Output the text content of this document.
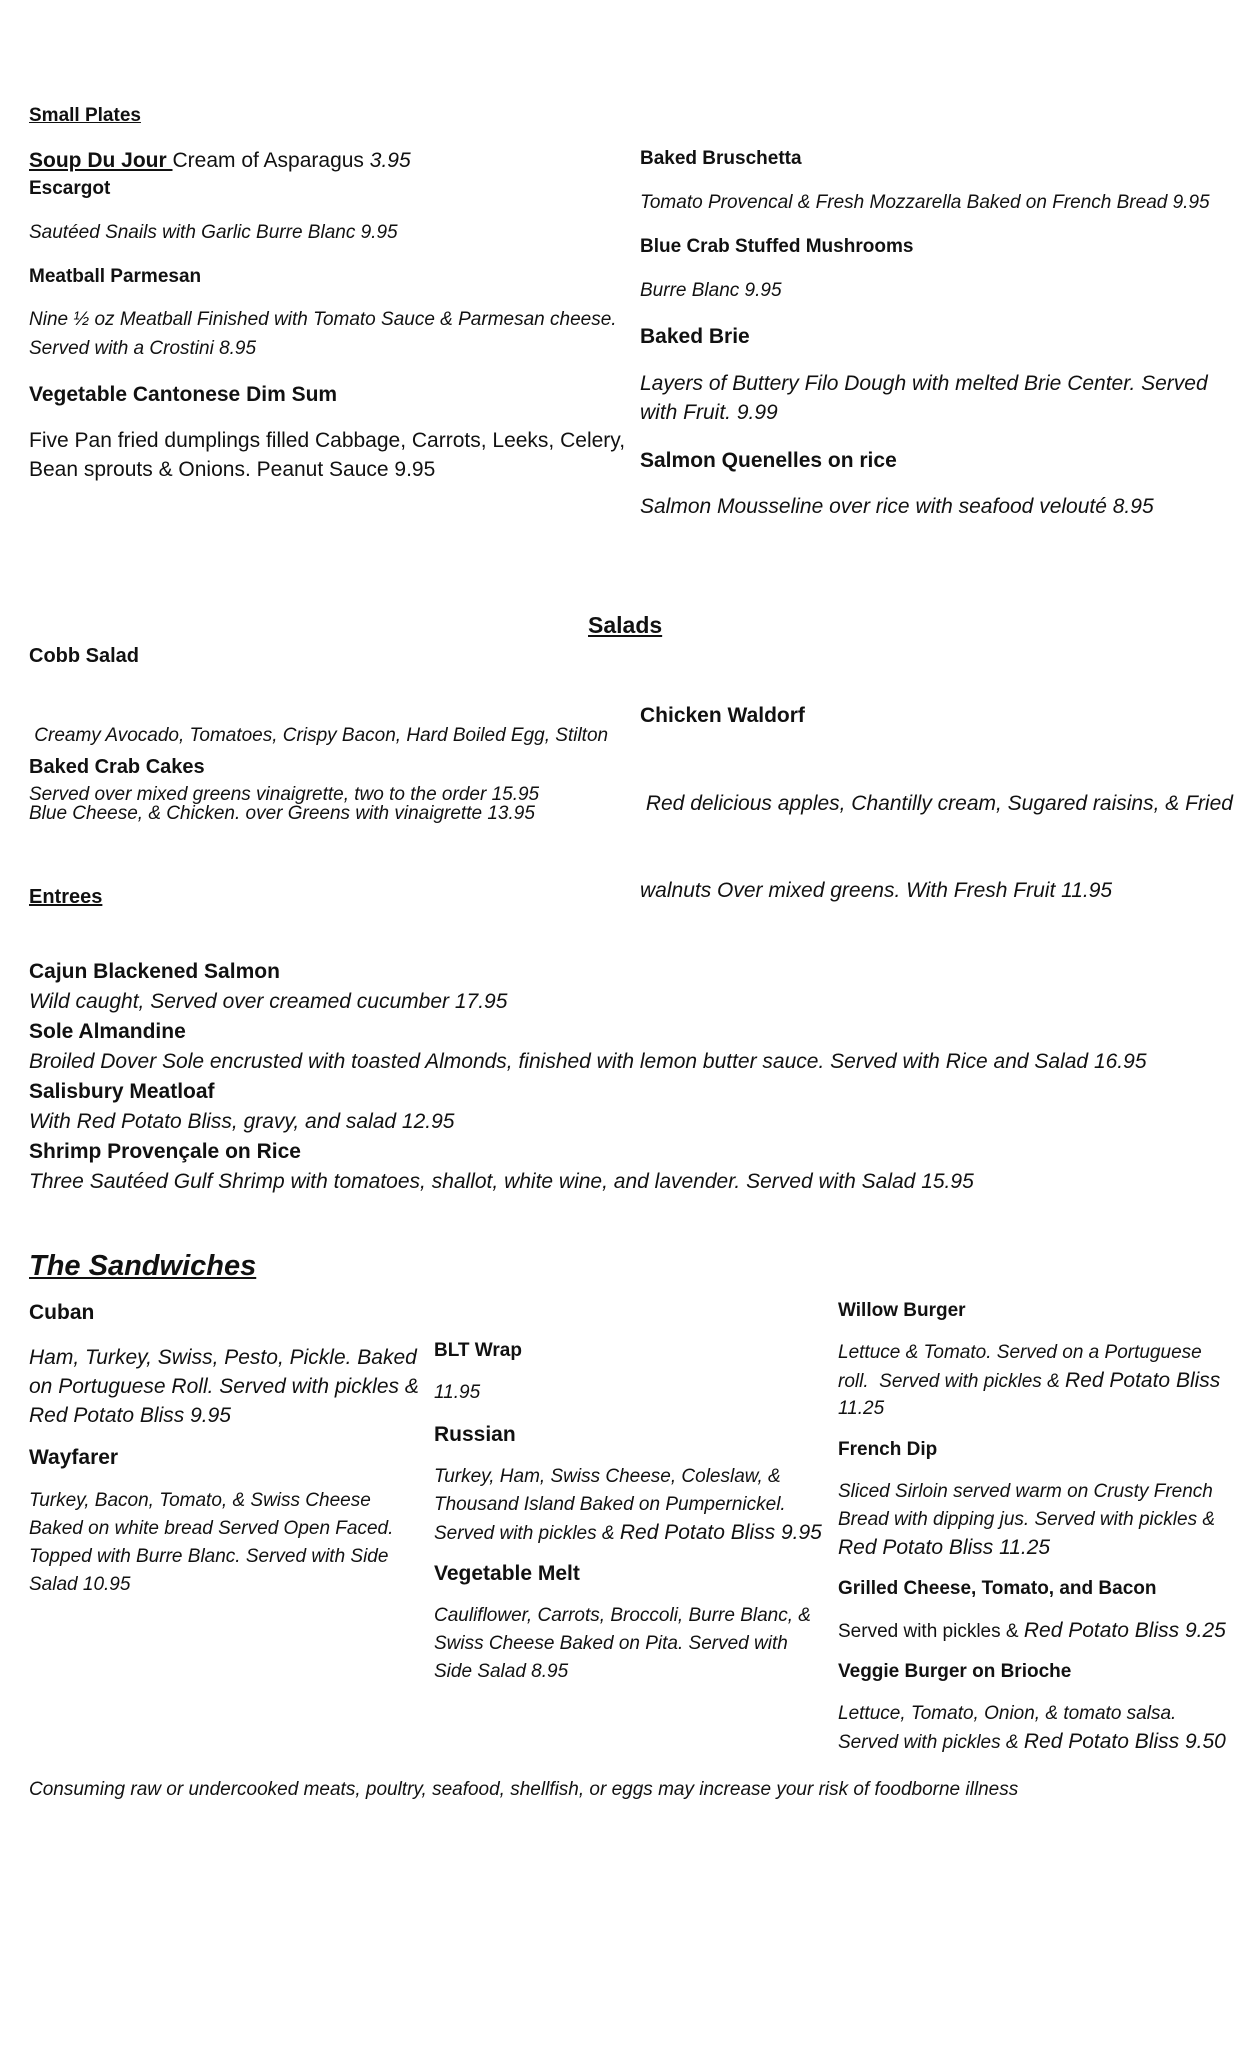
Small Plates
Soup Du Jour Cream of Asparagus 3.95
Escargot
Sautéed Snails with Garlic Burre Blanc 9.95
Meatball Parmesan

Nine ½ oz Meatball Finished with Tomato Sauce & Parmesan cheese.

Served with a Crostini 8.95

Vegetable Cantonese Dim Sum

Five Pan fried dumplings filled Cabbage, Carrots, Leeks, Celery,

Bean sprouts & Onions. Peanut Sauce 9.95

Baked Bruschetta
Tomato Provencal & Fresh Mozzarella Baked on French Bread 9.95
Blue Crab Stuffed Mushrooms
Burre Blanc 9.95
Baked Brie

Layers of Buttery Filo Dough with melted Brie Center. Served

with Fruit. 9.99

Salmon Quenelles on rice
Salmon Mousseline over rice with seafood velouté 8.95
Salads
Cobb Salad

Creamy Avocado, Tomatoes, Crispy Bacon, Hard Boiled Egg, Stilton

Blue Cheese, & Chicken. over Greens with vinaigrette 13.95

Baked Crab Cakes
Served over mixed greens vinaigrette, two to the order 15.95
Chicken Waldorf

Red delicious apples, Chantilly cream, Sugared raisins, & Fried

walnuts Over mixed greens. With Fresh Fruit 11.95

Entrees

Cajun Blackened Salmon

Wild caught, Served over creamed cucumber 17.95

Sole Almandine

Broiled Dover Sole encrusted with toasted Almonds, finished with lemon butter sauce. Served with Rice and Salad 16.95

Salisbury Meatloaf

With Red Potato Bliss, gravy, and salad 12.95

Shrimp Provençale on Rice

Three Sautéed Gulf Shrimp with tomatoes, shallot, white wine, and lavender. Served with Salad 15.95

The Sandwiches
Cuban

Ham, Turkey, Swiss, Pesto, Pickle. Baked

on Portuguese Roll. Served with pickles &

Red Potato Bliss 9.95

Wayfarer

Turkey, Bacon, Tomato, & Swiss Cheese

Baked on white bread Served Open Faced.

Topped with Burre Blanc. Served with Side

Salad 10.95

BLT Wrap
11.95
Russian

Turkey, Ham, Swiss Cheese, Coleslaw, &

Thousand Island Baked on Pumpernickel.

Served with pickles & Red Potato Bliss 9.95

Vegetable Melt

Cauliflower, Carrots, Broccoli, Burre Blanc, &

Swiss Cheese Baked on Pita. Served with

Side Salad 8.95

Willow Burger

Lettuce & Tomato. Served on a Portuguese

roll.  Served with pickles & Red Potato Bliss

11.25

French Dip

Sliced Sirloin served warm on Crusty French

Bread with dipping jus. Served with pickles &

Red Potato Bliss 11.25

Grilled Cheese, Tomato, and Bacon
Served with pickles & Red Potato Bliss 9.25
Veggie Burger on Brioche

Lettuce, Tomato, Onion, & tomato salsa.

Served with pickles & Red Potato Bliss 9.50

Consuming raw or undercooked meats, poultry, seafood, shellfish, or eggs may increase your risk of foodborne illness
